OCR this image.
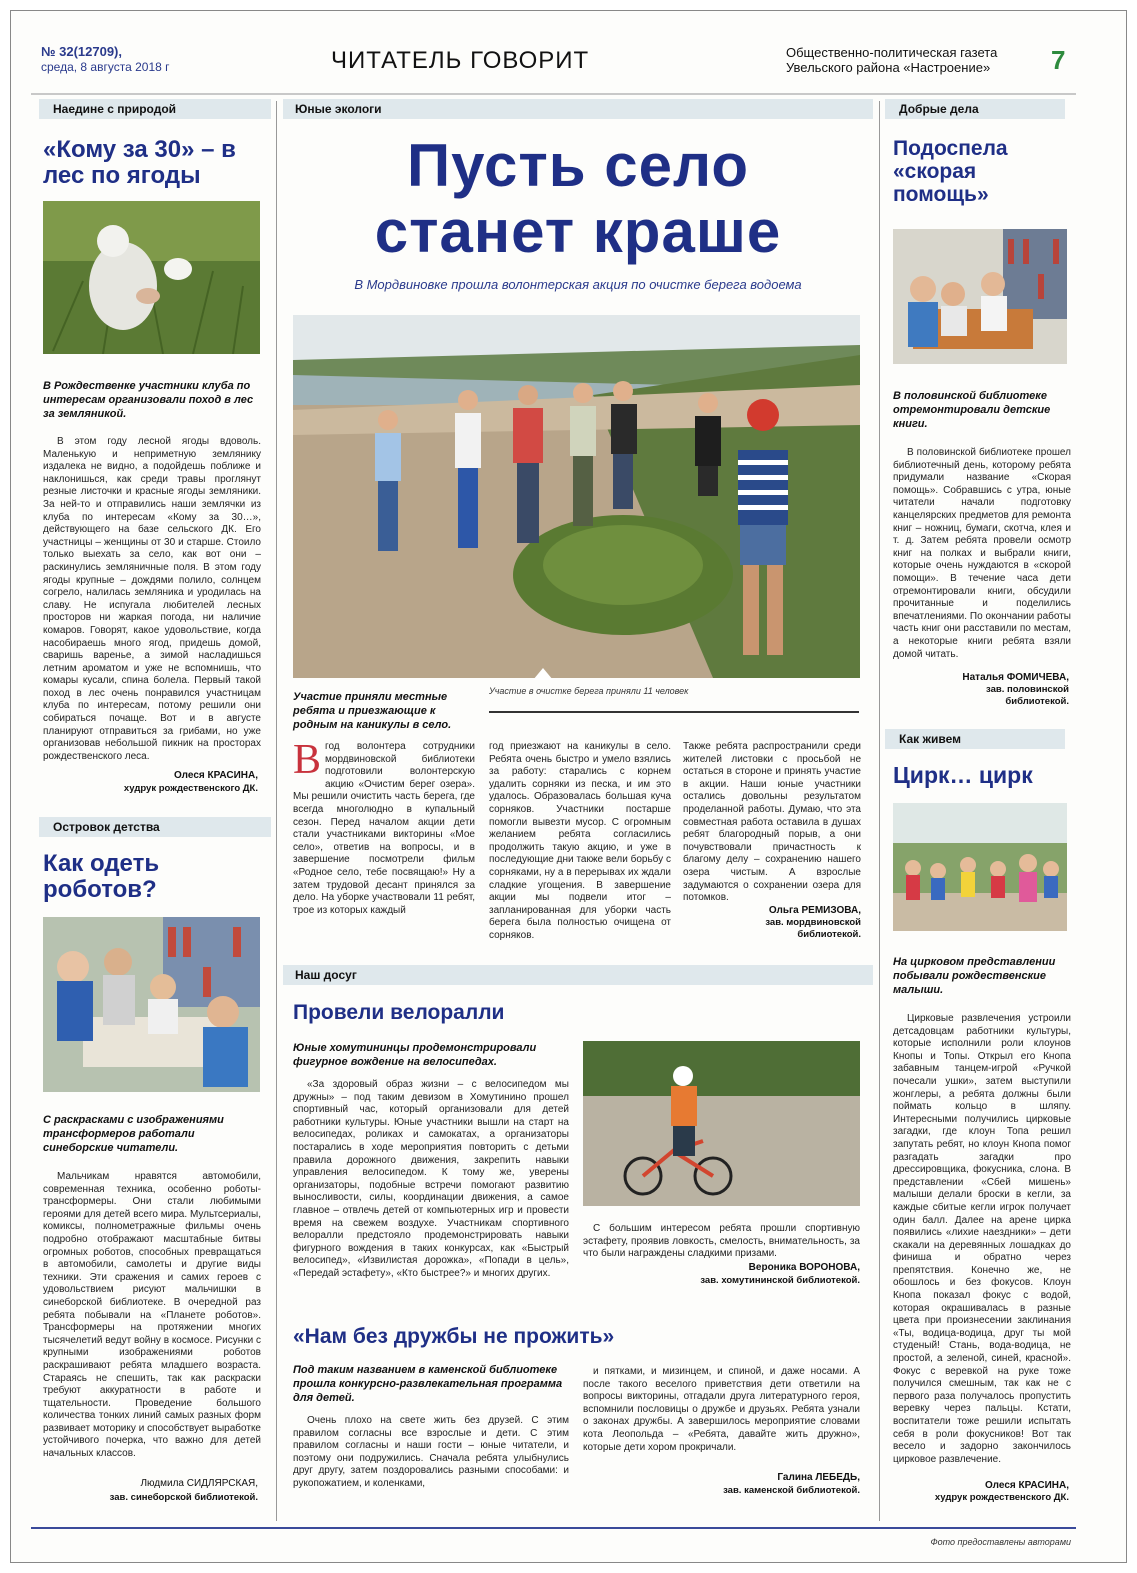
№ 32(12709),
среда, 8 августа 2018 г	ЧИТАТЕЛЬ ГОВОРИТ	Общественно-политическая газета
Увельского района «Настроение»	7
Наедине с природой
«Кому за 30» – в лес по ягоды
В Рождественке участники клуба по интересам организовали поход в лес за земляникой.
В этом году лесной ягоды вдоволь. Маленькую и неприметную землянику издалека не видно, а подойдешь поближе и наклонишься, как среди травы проглянут резные листочки и красные ягоды земляники. За ней-то и отправились наши землячки из клуба по интересам «Кому за 30…», действующего на базе сельского ДК. Его участницы – женщины от 30 и старше. Стоило только выехать за село, как вот они – раскинулись земляничные поля. В этом году ягоды крупные – дождями полило, солнцем согрело, налилась земляника и уродилась на славу. Не испугала любителей лесных просторов ни жаркая погода, ни наличие комаров. Говорят, какое удовольствие, когда насобираешь много ягод, придешь домой, сваришь варенье, а зимой насладишься летним ароматом и уже не вспомнишь, что комары кусали, спина болела. Первый такой поход в лес очень понравился участницам клуба по интересам, потому решили они собираться почаще. Вот и в августе планируют отправиться за грибами, но уже организовав небольшой пикник на просторах рождественского леса.
Олеся КРАСИНА,
худрук рождественского ДК.
Островок детства
Как одеть роботов?
С раскрасками с изображениями трансформеров работали синеборские читатели.
Мальчикам нравятся автомобили, современная техника, особенно роботы-трансформеры. Они стали любимыми героями для детей всего мира. Мультсериалы, комиксы, полнометражные фильмы очень подробно отображают масштабные битвы огромных роботов, способных превращаться в автомобили, самолеты и другие виды техники. Эти сражения и самих героев с удовольствием рисуют мальчишки в синеборской библиотеке. В очередной раз ребята побывали на «Планете роботов». Трансформеры на протяжении многих тысячелетий ведут войну в космосе. Рисунки с крупными изображениями роботов раскрашивают ребята младшего возраста. Стараясь не спешить, так как раскраски требуют аккуратности в работе и тщательности. Проведение большого количества тонких линий самых разных форм развивает моторику и способствует выработке устойчивого почерка, что важно для детей начальных классов.
Людмила СИДЛЯРСКАЯ,
зав. синеборской библиотекой.
Юные экологи
Пусть село
станет краше
В Мордвиновке прошла волонтерская акция по очистке берега водоема
Участие в очистке берега приняли 11 человек
Участие приняли местные ребята и приезжающие к родным на каникулы в село.
Вгод волонтера сотрудники мордвиновской библиотеки подготовили волонтерскую акцию «Очистим берег озера». Мы решили очистить часть берега, где всегда многолюдно в купальный сезон. Перед началом акции дети стали участниками викторины «Мое село», ответив на вопросы, и в завершение посмотрели фильм «Родное село, тебе посвящаю!» Ну а затем трудовой десант принялся за дело. На уборке участвовали 11 ребят, трое из которых каждый
год приезжают на каникулы в село. Ребята очень быстро и умело взялись за работу: старались с корнем удалить сорняки из песка, и им это удалось. Образовалась большая куча сорняков. Участники постарше помогли вывезти мусор. С огромным желанием ребята согласились продолжить такую акцию, и уже в последующие дни также вели борьбу с сорняками, ну а в перерывах их ждали сладкие угощения. В завершение акции мы подвели итог – запланированная для уборки часть берега была полностью очищена от сорняков.
Также ребята распространили среди жителей листовки с просьбой не остаться в стороне и принять участие в акции. Наши юные участники остались довольны результатом проделанной работы. Думаю, что эта совместная работа оставила в душах ребят благородный порыв, а они почувствовали причастность к благому делу – сохранению нашего озера чистым. А взрослые задумаются о сохранении озера для потомков.
Ольга РЕМИЗОВА,
зав. мордвиновской
библиотекой.
Наш досуг
Провели велоралли
Юные хомутининцы продемонстрировали фигурное вождение на велосипедах.
«За здоровый образ жизни – с велосипедом мы дружны» – под таким девизом в Хомутинино прошел спортивный час, который организовали для детей работники культуры. Юные участники вышли на старт на велосипедах, роликах и самокатах, а организаторы постарались в ходе мероприятия повторить с детьми правила дорожного движения, закрепить навыки управления велосипедом. К тому же, уверены организаторы, подобные встречи помогают развитию выносливости, силы, координации движения, а самое главное – отвлечь детей от компьютерных игр и провести время на свежем воздухе. Участникам спортивного велоралли предстояло продемонстрировать навыки фигурного вождения в таких конкурсах, как «Быстрый велосипед», «Извилистая дорожка», «Попади в цель», «Передай эстафету», «Кто быстрее?» и многих других.
С большим интересом ребята прошли спортивную эстафету, проявив ловкость, смелость, внимательность, за что были награждены сладкими призами.
Вероника ВОРОНОВА,
зав. хомутининской библиотекой.
«Нам без дружбы не прожить»
Под таким названием в каменской библиотеке прошла конкурсно-развлекательная программа для детей.
Очень плохо на свете жить без друзей. С этим правилом согласны все взрослые и дети. С этим правилом согласны и наши гости – юные читатели, и поэтому они подружились. Сначала ребята улыбнулись друг другу, затем поздоровались разными способами: и рукопожатием, и коленками,
и пятками, и мизинцем, и спиной, и даже носами. А после такого веселого приветствия дети ответили на вопросы викторины, отгадали друга литературного героя, вспомнили пословицы о дружбе и друзьях. Ребята узнали о законах дружбы. А завершилось мероприятие словами кота Леопольда – «Ребята, давайте жить дружно», которые дети хором прокричали.
Галина ЛЕБЕДЬ,
зав. каменской библиотекой.
Добрые дела
Подоспела «скорая помощь»
В половинской библиотеке отремонтировали детские книги.
В половинской библиотеке прошел библиотечный день, которому ребята придумали название «Скорая помощь». Собравшись с утра, юные читатели начали подготовку канцелярских предметов для ремонта книг – ножниц, бумаги, скотча, клея и т. д. Затем ребята провели осмотр книг на полках и выбрали книги, которые очень нуждаются в «скорой помощи». В течение часа дети отремонтировали книги, обсудили прочитанные и поделились впечатлениями. По окончании работы часть книг они расставили по местам, а некоторые книги ребята взяли домой читать.
Наталья ФОМИЧЕВА,
зав. половинской
библиотекой.
Как живем
Цирк… цирк
На цирковом представлении побывали рождественские малыши.
Цирковые развлечения устроили детсадовцам работники культуры, которые исполнили роли клоунов Кнопы и Топы. Открыл его Кнопа забавным танцем-игрой «Ручкой почесали ушки», затем выступили жонглеры, а ребята должны были поймать кольцо в шляпу. Интересными получились цирковые загадки, где клоун Топа решил запутать ребят, но клоун Кнопа помог разгадать загадки про дрессировщика, фокусника, слона. В представлении «Сбей мишень» малыши делали броски в кегли, за каждые сбитые кегли игрок получает один балл. Далее на арене цирка появились «лихие наездники» – дети скакали на деревянных лошадках до финиша и обратно через препятствия. Конечно же, не обошлось и без фокусов. Клоун Кнопа показал фокус с водой, которая окрашивалась в разные цвета при произнесении заклинания «Ты, водица-водица, друг ты мой студеный! Стань, вода-водица, не простой, а зеленой, синей, красной». Фокус с веревкой на руке тоже получился смешным, так как не с первого раза получалось пропустить веревку через пальцы. Кстати, воспитатели тоже решили испытать себя в роли фокусников! Вот так весело и задорно закончилось цирковое развлечение.
Олеся КРАСИНА,
худрук рождественского ДК.
Фото предоставлены авторами
